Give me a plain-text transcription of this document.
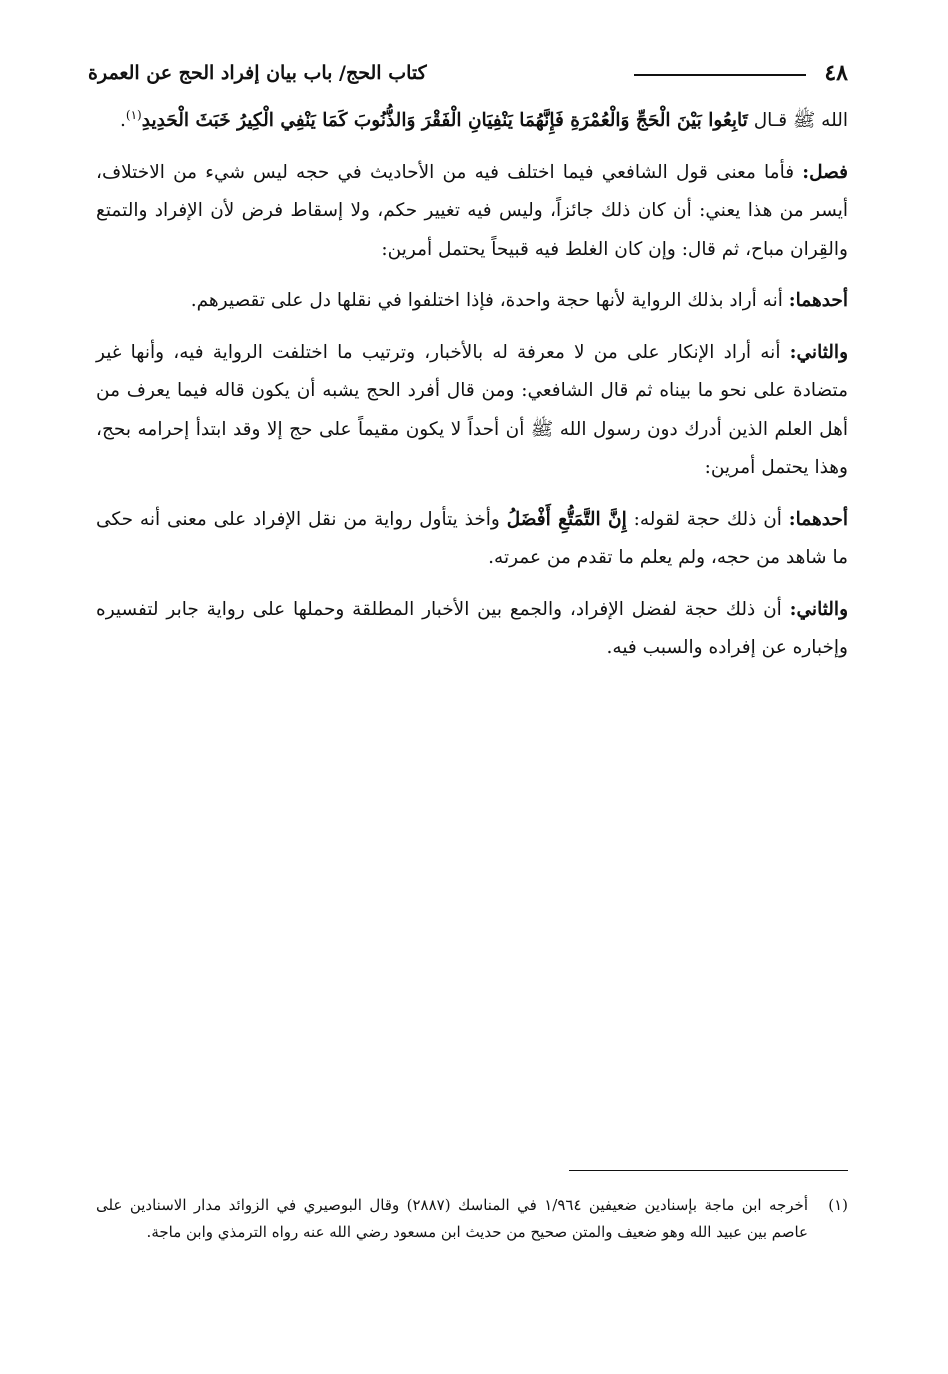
٤٨
كتاب الحج/ باب بيان إفراد الحج عن العمرة

الله ﷺ قـال تَابِعُوا بَيْنَ الْحَجِّ وَالْعُمْرَةِ فَإِنَّهُمَا يَنْفِيَانِ الْفَقْرَ وَالذُّنُوبَ كَمَا يَنْفِي الْكِيرُ خَبَثَ الْحَدِيدِ$^{(١)}$.

فصل: فأما معنى قول الشافعي فيما اختلف فيه من الأحاديث في حجه ليس شيء من الاختلاف، أيسر من هذا يعني: أن كان ذلك جائزاً، وليس فيه تغيير حكم، ولا إسقاط فرض لأن الإفراد والتمتع والقِران مباح، ثم قال: وإن كان الغلط فيه قبيحاً يحتمل أمرين:

أحدهما: أنه أراد بذلك الرواية لأنها حجة واحدة، فإذا اختلفوا في نقلها دل على تقصيرهم.

والثاني: أنه أراد الإنكار على من لا معرفة له بالأخبار، وترتيب ما اختلفت الرواية فيه، وأنها غير متضادة على نحو ما بيناه ثم قال الشافعي: ومن قال أفرد الحج يشبه أن يكون قاله فيما يعرف من أهل العلم الذين أدرك دون رسول الله ﷺ أن أحداً لا يكون مقيماً على حج إلا وقد ابتدأ إحرامه بحج، وهذا يحتمل أمرين:

أحدهما: أن ذلك حجة لقوله: إِنَّ التَّمَتُّعِ أَفْضَلُ وأخذ يتأول رواية من نقل الإفراد على معنى أنه حكى ما شاهد من حجه، ولم يعلم ما تقدم من عمرته.

والثاني: أن ذلك حجة لفضل الإفراد، والجمع بين الأخبار المطلقة وحملها على رواية جابر لتفسيره وإخباره عن إفراده والسبب فيه.

(١)
أخرجه ابن ماجة بإسنادين ضعيفين ١/٩٦٤ في المناسك (٢٨٨٧) وقال البوصيري في الزوائد مدار الاسنادين على عاصم بين عبيد الله وهو ضعيف والمتن صحيح من حديث ابن مسعود رضي الله عنه رواه الترمذي وابن ماجة.
